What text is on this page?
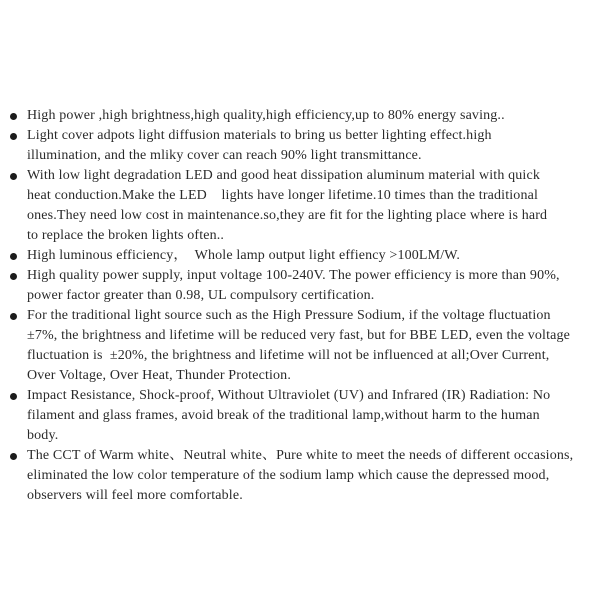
High power ,high brightness,high quality,high efficiency,up to 80% energy saving..
Light cover adpots light diffusion materials to bring us better lighting effect.high
illumination, and the mliky cover can reach 90% light transmittance.
With low light degradation LED and good heat dissipation aluminum material with quick
heat conduction.Make the LED    lights have longer lifetime.10 times than the traditional
ones.They need low cost in maintenance.so,they are fit for the lighting place where is hard
to replace the broken lights often..
High luminous efficiency，  Whole lamp output light effiency >100LM/W.
High quality power supply, input voltage 100-240V. The power efficiency is more than 90%,
power factor greater than 0.98, UL compulsory certification.
For the traditional light source such as the High Pressure Sodium, if the voltage fluctuation
±7%, the brightness and lifetime will be reduced very fast, but for BBE LED, even the voltage
fluctuation is  ±20%, the brightness and lifetime will not be influenced at all;Over Current,
Over Voltage, Over Heat, Thunder Protection.
Impact Resistance, Shock-proof, Without Ultraviolet (UV) and Infrared (IR) Radiation: No
filament and glass frames, avoid break of the traditional lamp,without harm to the human
body.
The CCT of Warm white、Neutral white、Pure white to meet the needs of different occasions,
eliminated the low color temperature of the sodium lamp which cause the depressed mood,
observers will feel more comfortable.
